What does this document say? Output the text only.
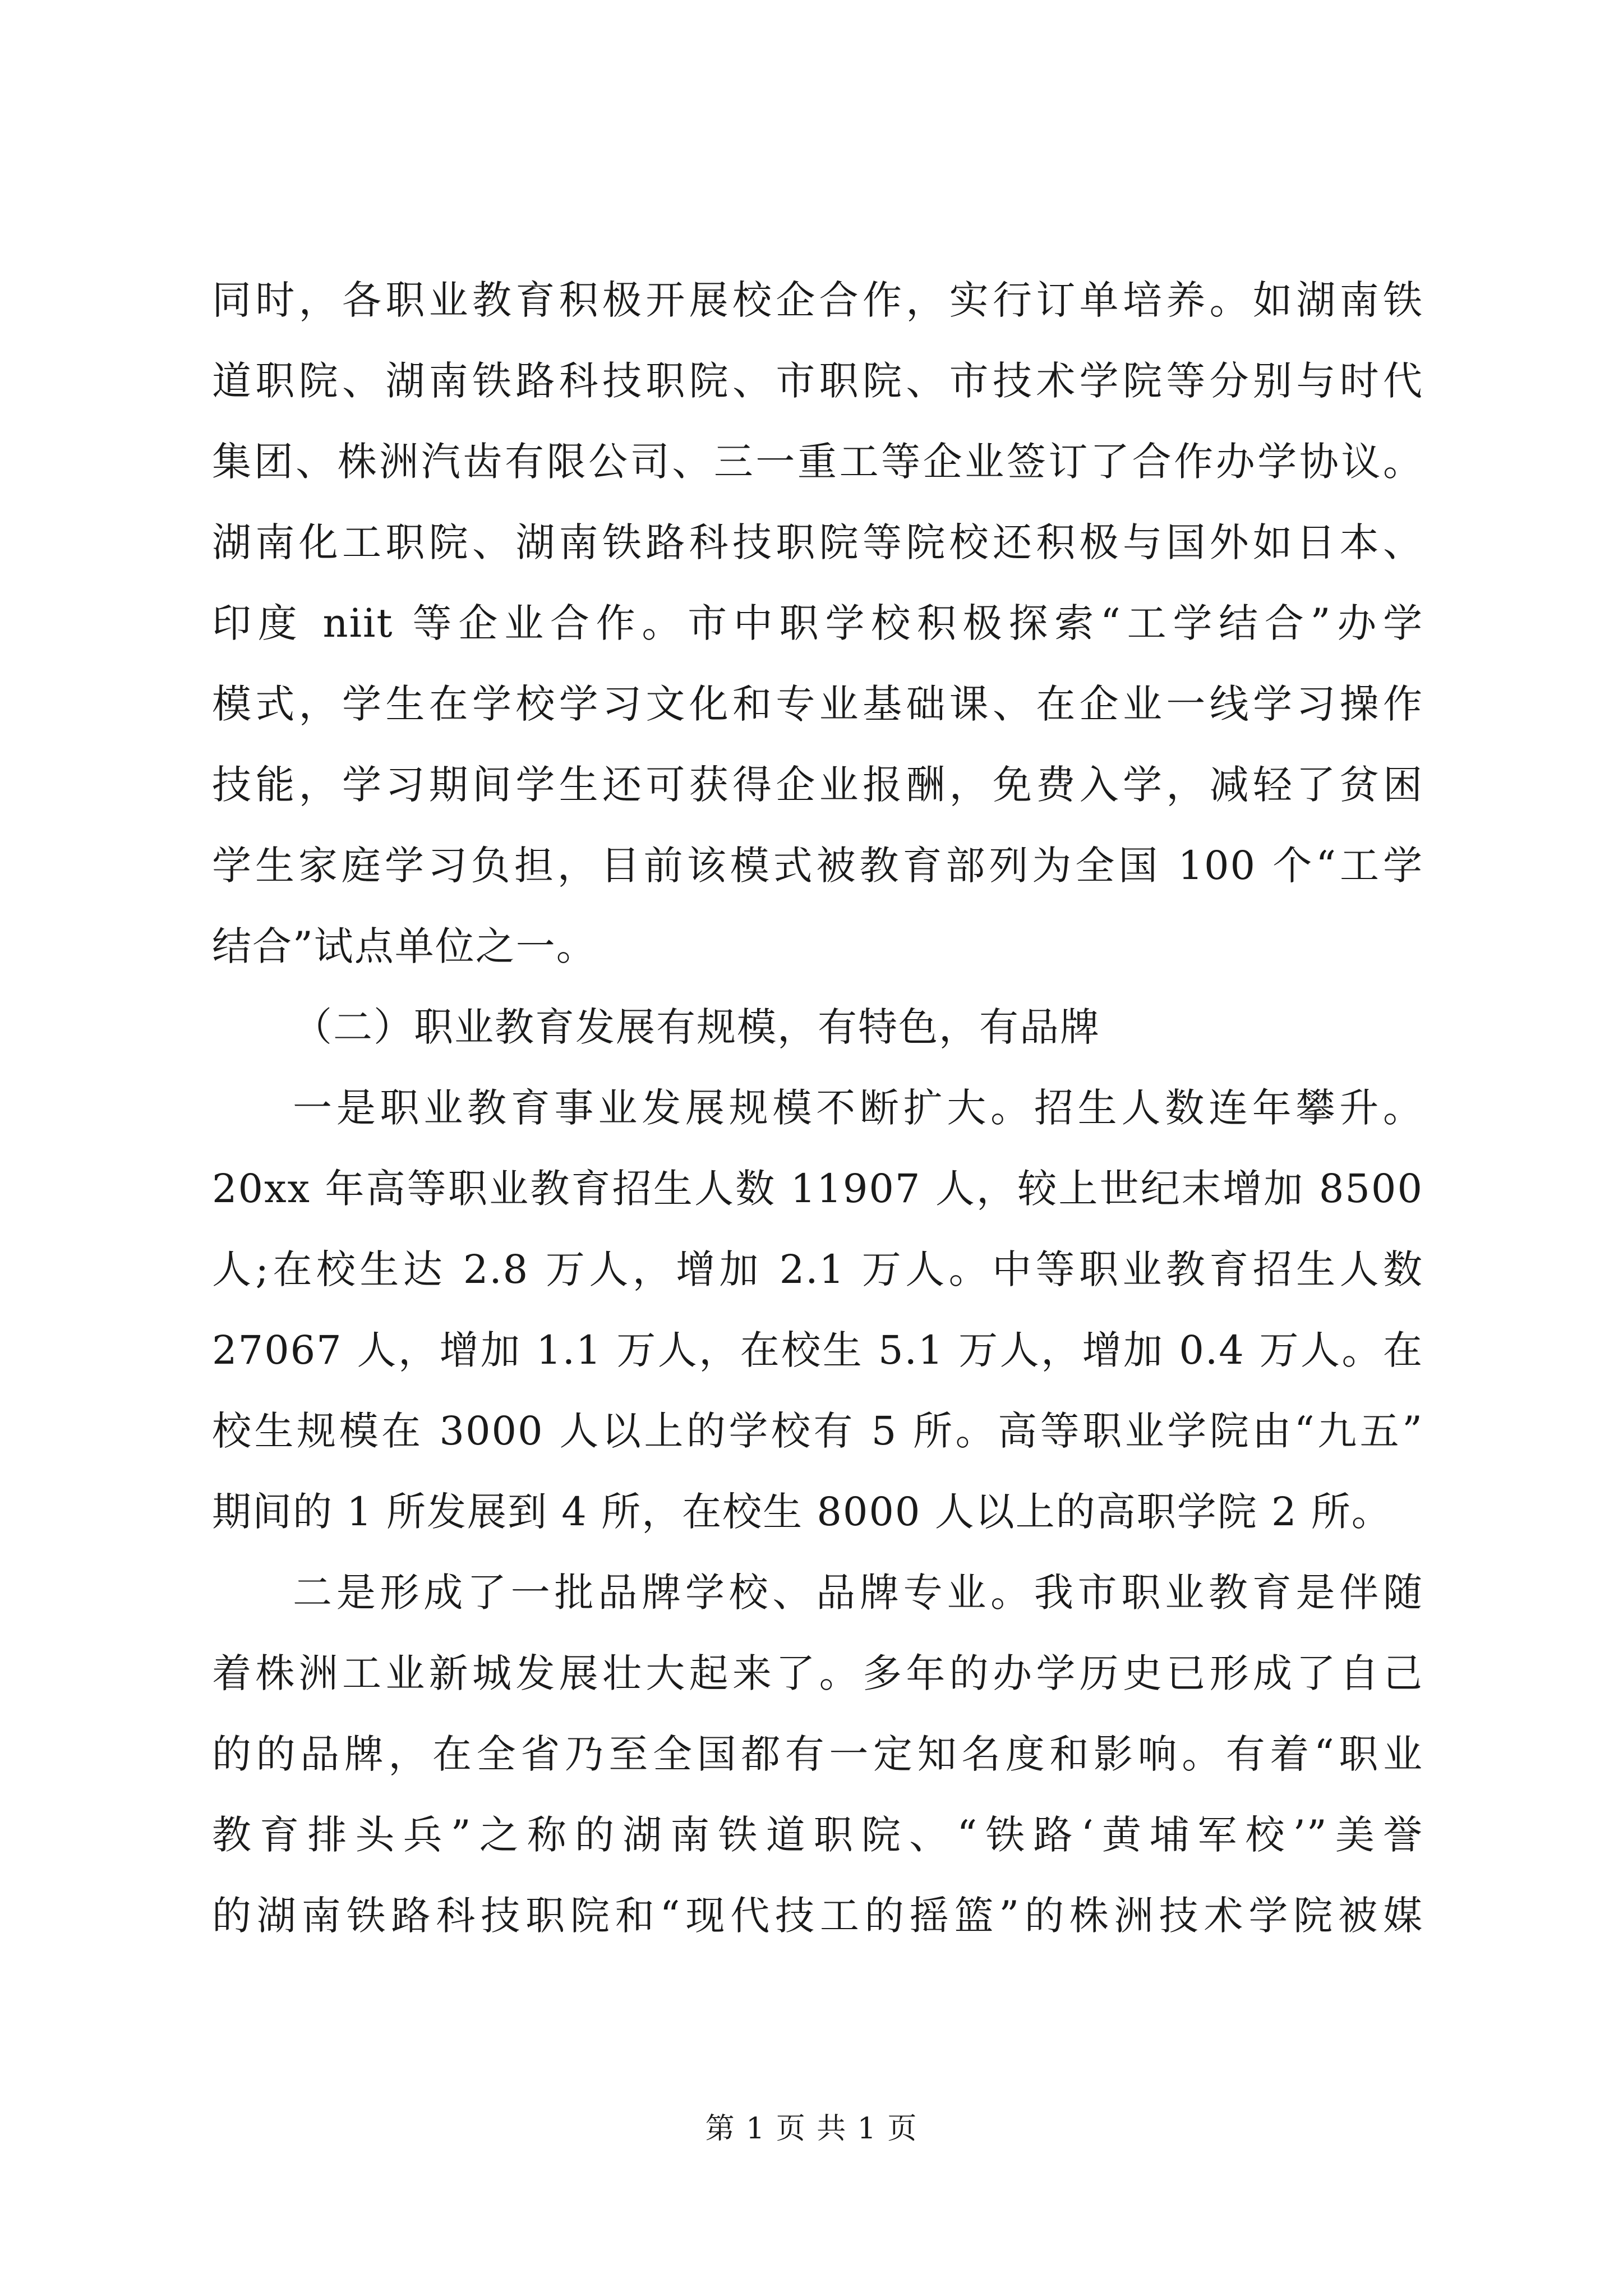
同时，各职业教育积极开展校企合作，实行订单培养。如湖南铁
道职院、湖南铁路科技职院、市职院、市技术学院等分别与时代
集团、株洲汽齿有限公司、三一重工等企业签订了合作办学协议。
湖南化工职院、湖南铁路科技职院等院校还积极与国外如日本、
印度 niit 等企业合作。市中职学校积极探索“工学结合”办学
模式，学生在学校学习文化和专业基础课、在企业一线学习操作
技能，学习期间学生还可获得企业报酬，免费入学，减轻了贫困
学生家庭学习负担，目前该模式被教育部列为全国 100 个“工学
结合”试点单位之一。
（二）职业教育发展有规模，有特色，有品牌
一是职业教育事业发展规模不断扩大。招生人数连年攀升。
20xx 年高等职业教育招生人数 11907 人，较上世纪末增加 8500
人;在校生达 2.8 万人，增加 2.1 万人。中等职业教育招生人数
27067 人，增加 1.1 万人，在校生 5.1 万人，增加 0.4 万人。在
校生规模在 3000 人以上的学校有 5 所。高等职业学院由“九五”
期间的 1 所发展到 4 所，在校生 8000 人以上的高职学院 2 所。
二是形成了一批品牌学校、品牌专业。我市职业教育是伴随
着株洲工业新城发展壮大起来了。多年的办学历史已形成了自己
的的品牌，在全省乃至全国都有一定知名度和影响。有着“职业
教育排头兵”之称的湖南铁道职院、“铁路‘黄埔军校’”美誉
的湖南铁路科技职院和“现代技工的摇篮”的株洲技术学院被媒
第 1 页 共 1 页
